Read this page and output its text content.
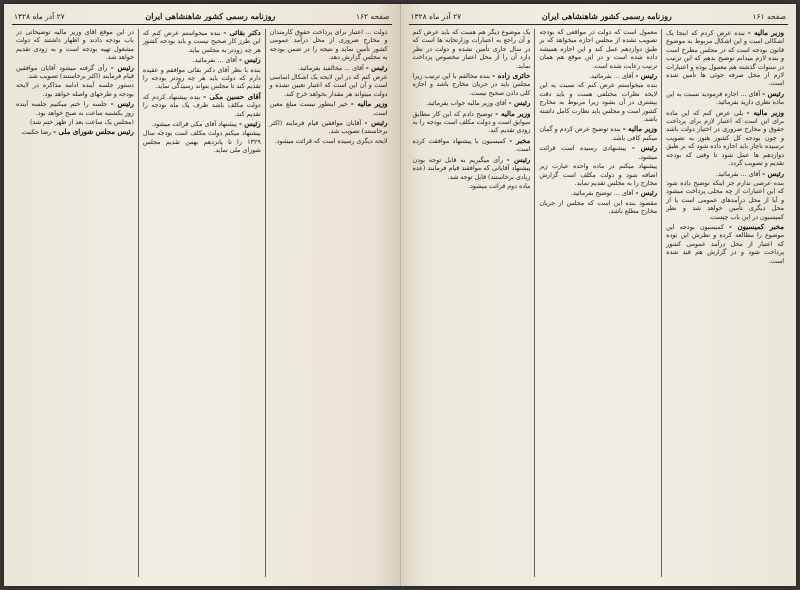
صفحه ۱۶۲
روزنامه رسمی کشور شاهنشاهی ایران
۲۷ آذر ماه ۱۳۲۸

دولت ... اعتبار برای پرداخت حقوق کارمندان و مخارج ضروری از محل درآمد عمومی کشور تأمین نماید و نتیجه را در ضمن بودجه به مجلس گزارش دهد.

رئیس - آقای ... مخالفید بفرمائید.

عرض کنم که در این لایحه یک اشکال اساسی است و آن این است که اعتبار تعیین نشده و دولت میتواند هر مقدار بخواهد خرج کند.

وزیر مالیه - خیر اینطور نیست مبلغ معین است.

رئیس - آقایان موافقین قیام فرمایند (اکثر برخاستند) تصویب شد.

لایحه دیگری رسیده است که قرائت میشود.

دکتر بقائی - بنده میخواستم عرض کنم که این طرز کار صحیح نیست و باید بودجه کشور هر چه زودتر به مجلس بیاید.

رئیس - آقای ... بفرمائید.

بنده با نظر آقای دکتر بقائی موافقم و عقیده دارم که دولت باید هر چه زودتر بودجه را تقدیم کند تا مجلس بتواند رسیدگی نماید.

آقای حسین مکی - بنده پیشنهاد کردم که دولت مکلف باشد ظرف یک ماه بودجه را تقدیم کند.

رئیس - پیشنهاد آقای مکی قرائت میشود.

پیشنهاد میکنم دولت مکلف است بودجه سال ۱۳۲۹ را تا پانزدهم بهمن تقدیم مجلس شورای ملی نماید.

در این موقع آقای وزیر مالیه توضیحاتی در باب بودجه دادند و اظهار داشتند که دولت مشغول تهیه بودجه است و به زودی تقدیم خواهد شد.

رئیس - رأی گرفته میشود آقایان موافقین قیام فرمایند (اکثر برخاستند) تصویب شد.

دستور جلسه آینده ادامه مذاکره در لایحه بودجه و طرحهای واصله خواهد بود.

رئیس - جلسه را ختم میکنیم جلسه آینده روز یکشنبه ساعت نه صبح خواهد بود.

(مجلس یک ساعت بعد از ظهر ختم شد)

رئیس مجلس شورای ملی - رضا حکمت

صفحه ۱۶۱
روزنامه رسمی کشور شاهنشاهی ایران
۲۷ آذر ماه ۱۳۲۸

وزیر مالیه - بنده عرض کردم که اینجا یک اشکالی است و این اشکال مربوط به موضوع قانون بودجه است که در مجلس مطرح است و بنده لازم میدانم توضیح بدهم که این ترتیب در سنوات گذشته هم معمول بوده و اعتبارات لازم از محل صرفه جوئی ها تأمین شده است.

رئیس - آقای ... اجازه فرمودید نسبت به این ماده نظری دارید بفرمائید.

وزیر مالیه - بلی عرض کنم که این ماده برای این است که اعتبار لازم برای پرداخت حقوق و مخارج ضروری در اختیار دولت باشد و چون بودجه کل کشور هنوز به تصویب نرسیده ناچار باید اجازه داده شود که بر طبق دوازدهم ها عمل شود تا وقتی که بودجه تقدیم و تصویب گردد.

رئیس - آقای ... بفرمائید.

بنده عرضی ندارم جز اینکه توضیح داده شود که این اعتبارات از چه محلی پرداخت میشود و آیا از محل درآمدهای عمومی است یا از محل دیگری تأمین خواهد شد و نظر کمیسیون در این باب چیست.

مخبر کمیسیون - کمیسیون بودجه این موضوع را مطالعه کرده و نظرش این بوده که اعتبار از محل درآمد عمومی کشور پرداخت شود و در گزارش هم قید شده است.

معمول است که دولت در مواقعی که بودجه تصویب نشده از مجلس اجازه میخواهد که بر طبق دوازدهم عمل کند و این اجازه همیشه داده شده است و در این موقع هم همان ترتیب رعایت شده است.

رئیس - آقای ... بفرمائید.

بنده میخواستم عرض کنم که نسبت به این لایحه نظرات مختلفی هست و باید دقت بیشتری در آن بشود زیرا مربوط به مخارج کشور است و مجلس باید نظارت کامل داشته باشد.

وزیر مالیه - بنده توضیح عرض کردم و گمان میکنم کافی باشد.

رئیس - پیشنهادی رسیده است قرائت میشود.

پیشنهاد میکنم در ماده واحده عبارت زیر اضافه شود و دولت مکلف است گزارش مخارج را به مجلس تقدیم نماید.

رئیس - آقای ... توضیح بفرمائید.

مقصود بنده این است که مجلس از جریان مخارج مطلع باشد.

یک موضوع دیگر هم هست که باید عرض کنم و آن راجع به اعتبارات وزارتخانه ها است که در سال جاری تأمین نشده و دولت در نظر دارد آن را از محل اعتبار مخصوص پرداخت نماید.

حائری زاده - بنده مخالفم با این ترتیب زیرا مجلس باید در جریان مخارج باشد و اجازه کلی دادن صحیح نیست.

رئیس - آقای وزیر مالیه جواب بفرمائید.

وزیر مالیه - توضیح دادم که این کار مطابق سوابق است و دولت مکلف است بودجه را به زودی تقدیم کند.

مخبر - کمیسیون با پیشنهاد موافقت کرده است.

رئیس - رأی میگیریم به قابل توجه بودن پیشنهاد آقایانی که موافقند قیام فرمایند (عده زیادی برخاستند) قابل توجه شد.

ماده دوم قرائت میشود.
